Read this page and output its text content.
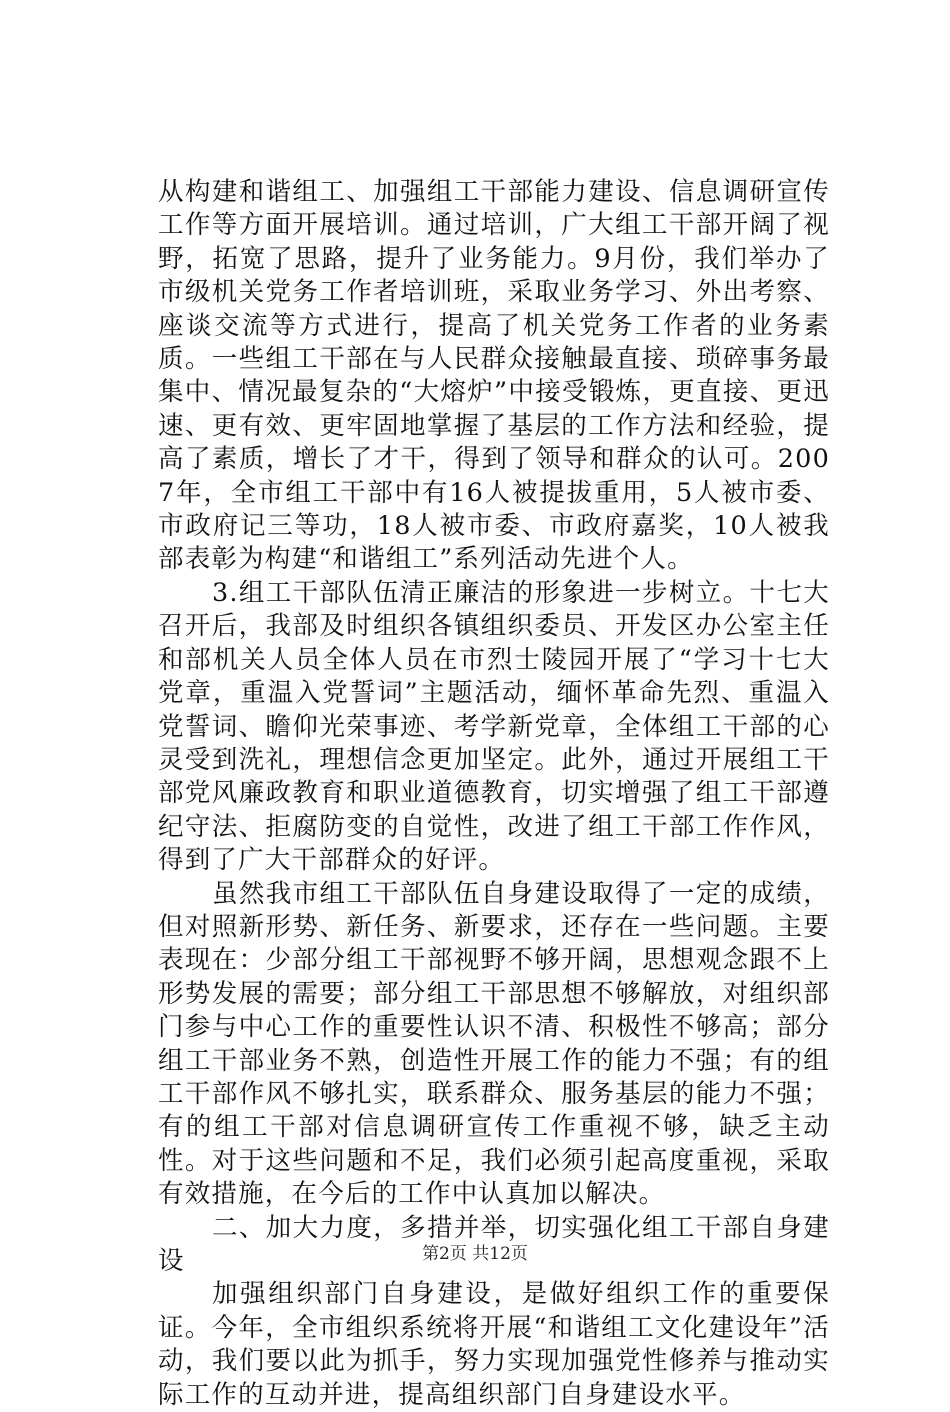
从构建和谐组工、加强组工干部能力建设、信息调研宣传工作等方面开展培训。通过培训，广大组工干部开阔了视野，拓宽了思路，提升了业务能力。9月份，我们举办了市级机关党务工作者培训班，采取业务学习、外出考察、座谈交流等方式进行，提高了机关党务工作者的业务素质。一些组工干部在与人民群众接触最直接、琐碎事务最集中、情况最复杂的“大熔炉”中接受锻炼，更直接、更迅速、更有效、更牢固地掌握了基层的工作方法和经验，提高了素质，增长了才干，得到了领导和群众的认可。2007年，全市组工干部中有16人被提拔重用，5人被市委、市政府记三等功，18人被市委、市政府嘉奖，10人被我部表彰为构建“和谐组工”系列活动先进个人。

3.组工干部队伍清正廉洁的形象进一步树立。十七大召开后，我部及时组织各镇组织委员、开发区办公室主任和部机关人员全体人员在市烈士陵园开展了“学习十七大党章，重温入党誓词”主题活动，缅怀革命先烈、重温入党誓词、瞻仰光荣事迹、考学新党章，全体组工干部的心灵受到洗礼，理想信念更加坚定。此外，通过开展组工干部党风廉政教育和职业道德教育，切实增强了组工干部遵纪守法、拒腐防变的自觉性，改进了组工干部工作作风，得到了广大干部群众的好评。

虽然我市组工干部队伍自身建设取得了一定的成绩，但对照新形势、新任务、新要求，还存在一些问题。主要表现在：少部分组工干部视野不够开阔，思想观念跟不上形势发展的需要；部分组工干部思想不够解放，对组织部门参与中心工作的重要性认识不清、积极性不够高；部分组工干部业务不熟，创造性开展工作的能力不强；有的组工干部作风不够扎实，联系群众、服务基层的能力不强；有的组工干部对信息调研宣传工作重视不够，缺乏主动性。对于这些问题和不足，我们必须引起高度重视，采取有效措施，在今后的工作中认真加以解决。

二、加大力度，多措并举，切实强化组工干部自身建设

加强组织部门自身建设，是做好组织工作的重要保证。今年，全市组织系统将开展“和谐组工文化建设年”活动，我们要以此为抓手，努力实现加强党性修养与推动实际工作的互动并进，提高组织部门自身建设水平。

第2页 共12页
